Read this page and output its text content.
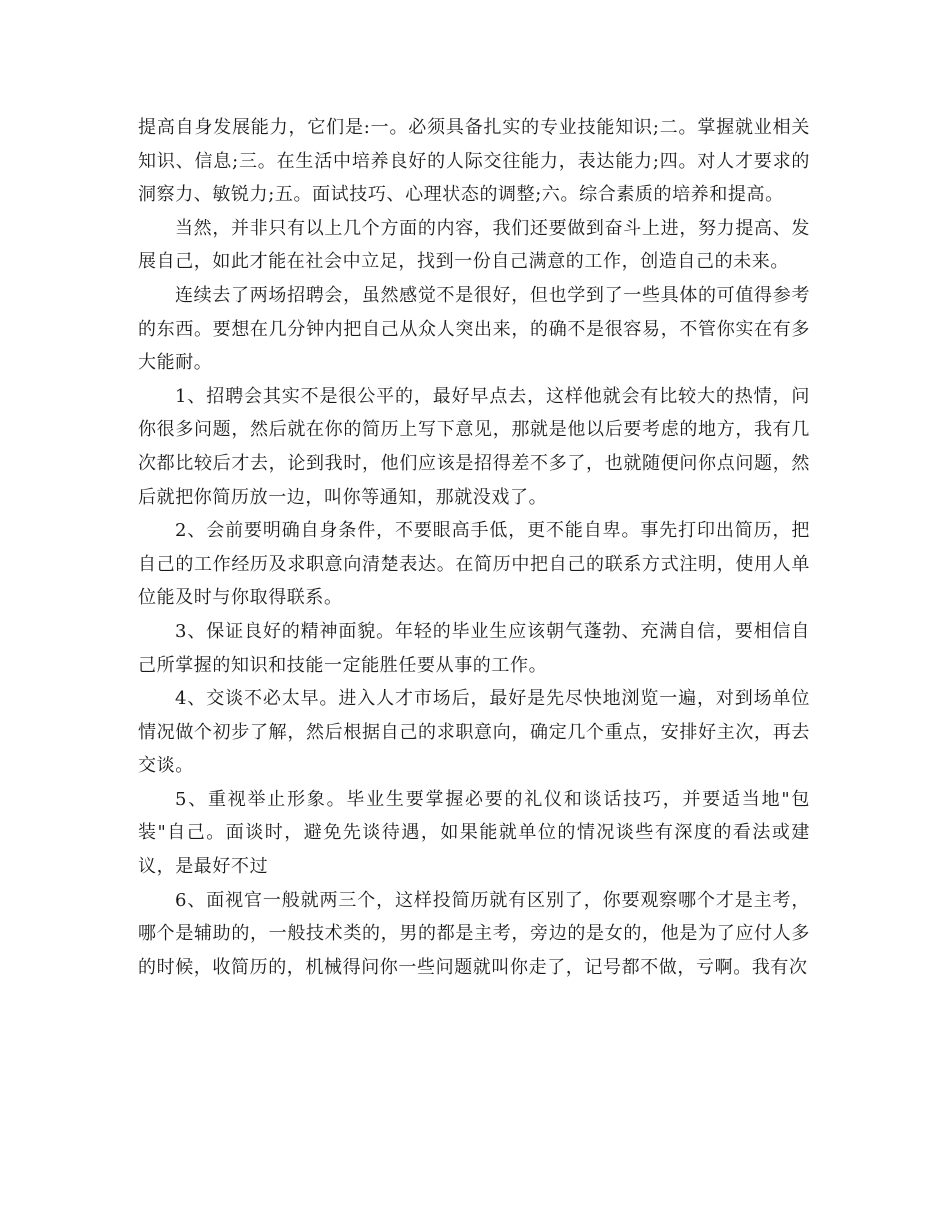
提高自身发展能力，它们是:一。必须具备扎实的专业技能知识;二。掌握就业相关知识、信息;三。在生活中培养良好的人际交往能力，表达能力;四。对人才要求的洞察力、敏锐力;五。面试技巧、心理状态的调整;六。综合素质的培养和提高。

当然，并非只有以上几个方面的内容，我们还要做到奋斗上进，努力提高、发展自己，如此才能在社会中立足，找到一份自己满意的工作，创造自己的未来。

连续去了两场招聘会，虽然感觉不是很好，但也学到了一些具体的可值得参考的东西。要想在几分钟内把自己从众人突出来，的确不是很容易，不管你实在有多大能耐。

1、招聘会其实不是很公平的，最好早点去，这样他就会有比较大的热情，问你很多问题，然后就在你的简历上写下意见，那就是他以后要考虑的地方，我有几次都比较后才去，论到我时，他们应该是招得差不多了，也就随便问你点问题，然后就把你简历放一边，叫你等通知，那就没戏了。

2、会前要明确自身条件，不要眼高手低，更不能自卑。事先打印出简历，把自己的工作经历及求职意向清楚表达。在简历中把自己的联系方式注明，使用人单位能及时与你取得联系。

3、保证良好的精神面貌。年轻的毕业生应该朝气蓬勃、充满自信，要相信自己所掌握的知识和技能一定能胜任要从事的工作。

4、交谈不必太早。进入人才市场后，最好是先尽快地浏览一遍，对到场单位情况做个初步了解，然后根据自己的求职意向，确定几个重点，安排好主次，再去交谈。

5、重视举止形象。毕业生要掌握必要的礼仪和谈话技巧，并要适当地"包装"自己。面谈时，避免先谈待遇，如果能就单位的情况谈些有深度的看法或建议，是最好不过

6、面视官一般就两三个，这样投简历就有区别了，你要观察哪个才是主考，哪个是辅助的，一般技术类的，男的都是主考，旁边的是女的，他是为了应付人多的时候，收简历的，机械得问你一些问题就叫你走了，记号都不做，亏啊。我有次
